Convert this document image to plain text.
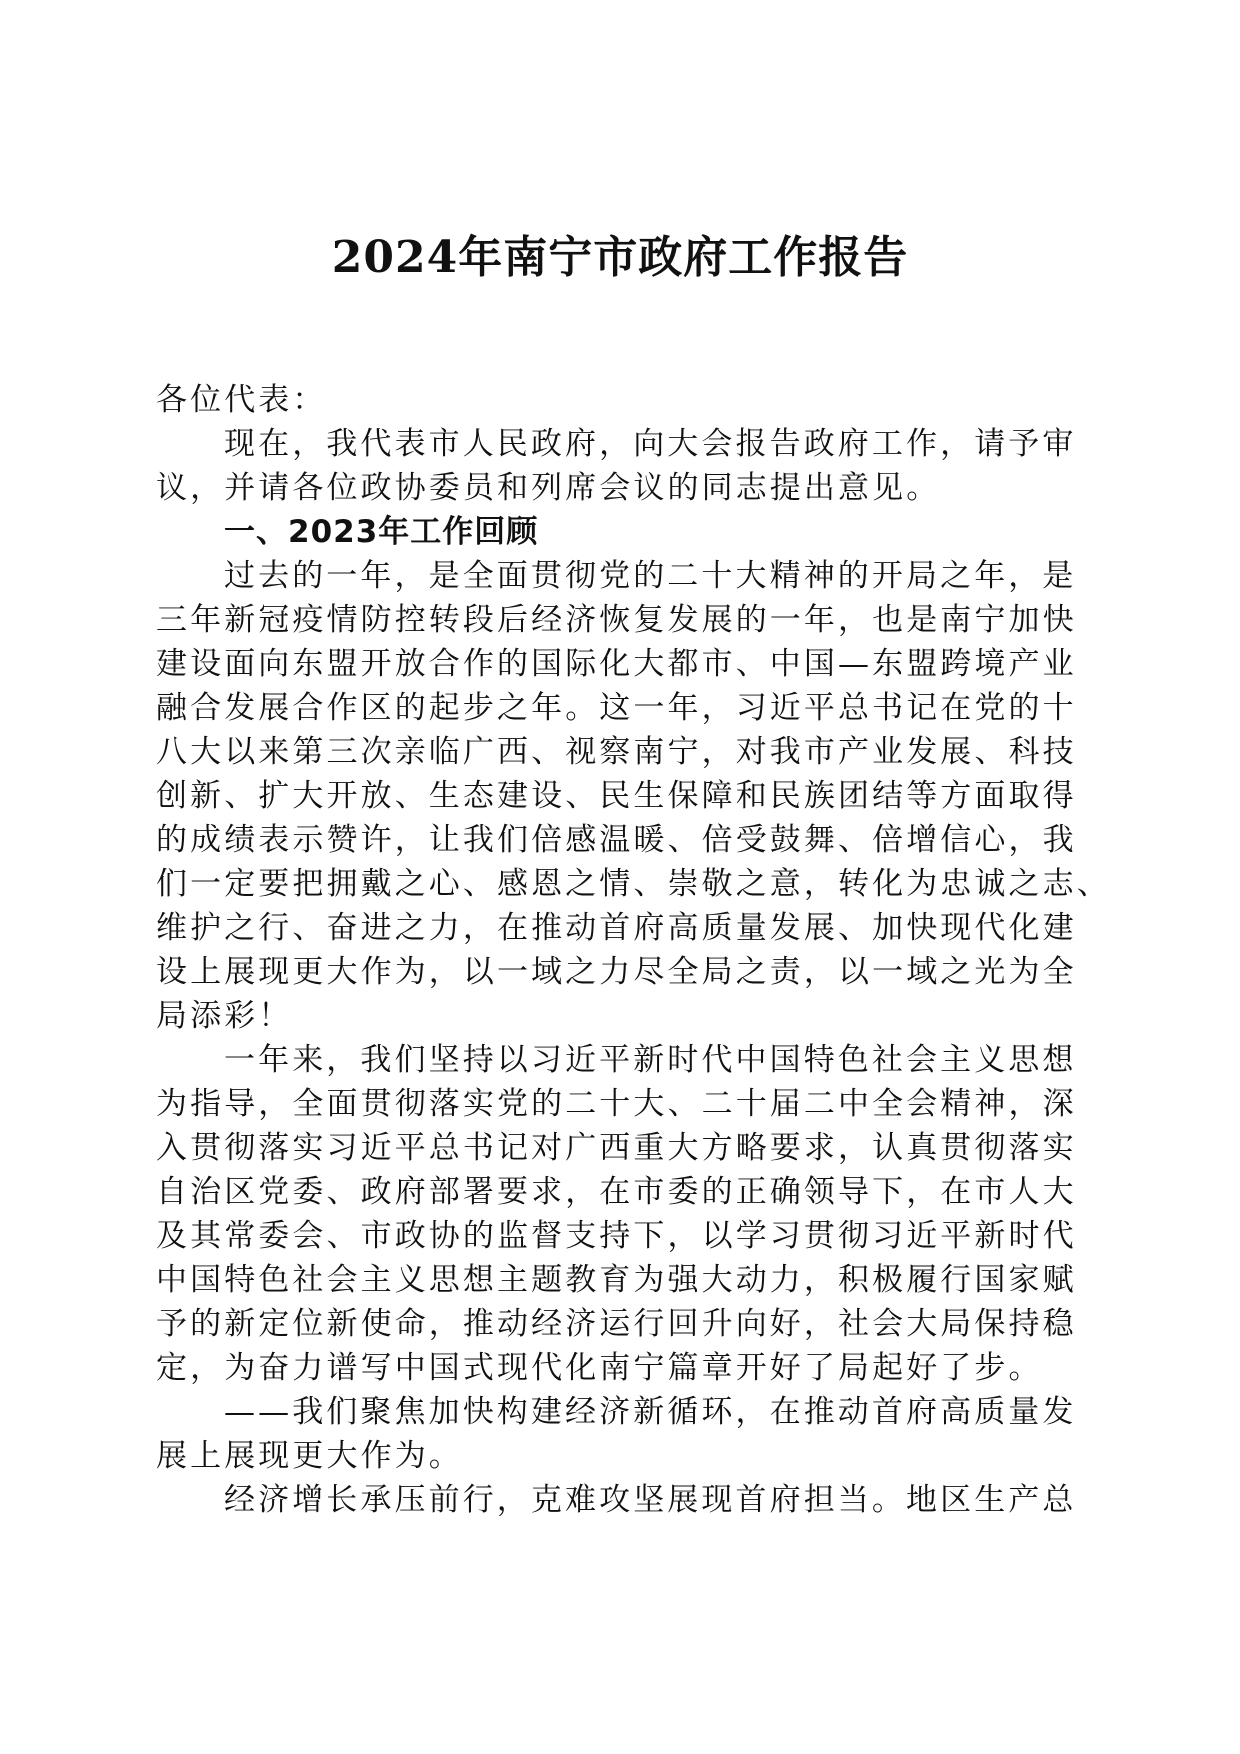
2024年南宁市政府工作报告
各位代表：
现在，我代表市人民政府，向大会报告政府工作，请予审
议，并请各位政协委员和列席会议的同志提出意见。
一、2023年工作回顾
过去的一年，是全面贯彻党的二十大精神的开局之年，是
三年新冠疫情防控转段后经济恢复发展的一年，也是南宁加快
建设面向东盟开放合作的国际化大都市、中国—东盟跨境产业
融合发展合作区的起步之年。这一年，习近平总书记在党的十
八大以来第三次亲临广西、视察南宁，对我市产业发展、科技
创新、扩大开放、生态建设、民生保障和民族团结等方面取得
的成绩表示赞许，让我们倍感温暖、倍受鼓舞、倍增信心，我
们一定要把拥戴之心、感恩之情、崇敬之意，转化为忠诚之志、
维护之行、奋进之力，在推动首府高质量发展、加快现代化建
设上展现更大作为，以一域之力尽全局之责，以一域之光为全
局添彩！
一年来，我们坚持以习近平新时代中国特色社会主义思想
为指导，全面贯彻落实党的二十大、二十届二中全会精神，深
入贯彻落实习近平总书记对广西重大方略要求，认真贯彻落实
自治区党委、政府部署要求，在市委的正确领导下，在市人大
及其常委会、市政协的监督支持下，以学习贯彻习近平新时代
中国特色社会主义思想主题教育为强大动力，积极履行国家赋
予的新定位新使命，推动经济运行回升向好，社会大局保持稳
定，为奋力谱写中国式现代化南宁篇章开好了局起好了步。
——我们聚焦加快构建经济新循环，在推动首府高质量发
展上展现更大作为。
经济增长承压前行，克难攻坚展现首府担当。地区生产总
